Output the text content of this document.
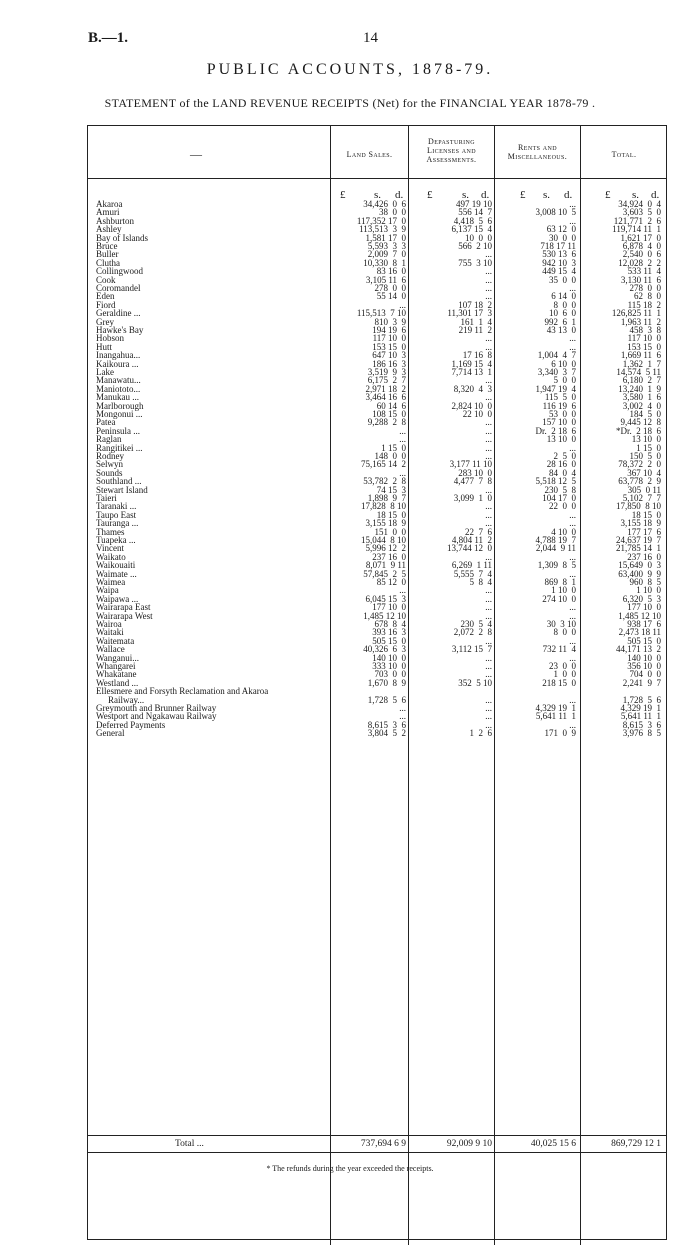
B.—1.	14
PUBLIC ACCOUNTS, 1878-79.
STATEMENT of the LAND REVENUE RECEIPTS (Net) for the FINANCIAL YEAR 1878-79 .
—	Land Sales.
Depasturing
Licenses and
Assessments.
Rents and
Miscellaneous.	Total.
£	s. d. £	s. d.	£ s. d.	£ s. d.
Akaroa	34,426  0  6	497 19 10	...	34,924  0  4
Amuri	38  0  0	556 14  7	3,008 10  5	3,603  5  0
Ashburton	117,352 17  0	4,418  5  6	...	121,771  2  6
Ashley	113,513  3  9	6,137 15  4	63 12  0	119,714 11  1
Bay of Islands	1,581 17  0	10  0  0	30  0  0	1,621 17  0
Bruce	5,593  3  3	566  2 10	718 17 11	6,878  4  0
Buller	2,009  7  0	...	530 13  6	2,540  0  6
Clutha	10,330  8  1	755  3 10	942 10  3	12,028  2  2
Collingwood	83 16  0	...	449 15  4	533 11  4
Cook	3,105 11  6	...	35  0  0	3,130 11  6
Coromandel	278  0  0	...	...	278  0  0
Eden	55 14  0	...	6 14  0	62  8  0
Fiord	...	107 18  2	8  0  0	115 18  2
Geraldine ...	115,513  7 10	11,301 17  3	10  6  0	126,825 11  1
Grey	810  3  9	161  1  4	992  6  1	1,963 11  2
Hawke's Bay	194 19  6	219 11  2	43 13  0	458  3  8
Hobson	117 10  0	...	...	117 10  0
Hutt	153 15  0	...	...	153 15  0
Inangahua...	647 10  3	17 16  8	1,004  4  7	1,669 11  6
Kaikoura ...	186 16  3	1,169 15  4	6 10  0	1,362  1  7
Lake	3,519  9  3	7,714 13  1	3,340  3  7	14,574  5 11
Manawatu...	6,175  2  7	...	5  0  0	6,180  2  7
Maniototo...	2,971 18  2	8,320  4  3	1,947 19  4	13,240  1  9
Manukau ...	3,464 16  6	...	115  5  0	3,580  1  6
Marlborough	60 14  6	2,824 10  0	116 19  6	3,002  4  0
Mongonui ...	108 15  0	22 10  0	53  0  0	184  5  0
Patea	9,288  2  8	...	157 10  0	9,445 12  8
Peninsula ...	...	...	Dr.  2 18  6	*Dr.  2 18  6
Raglan	...	...	13 10  0	13 10  0
Rangitikei ...	1 15  0	...	...	1 15  0
Rodney	148  0  0	...	2  5  0	150  5  0
Selwyn	75,165 14  2	3,177 11 10	28 16  0	78,372  2  0
Sounds	...	283 10  0	84  0  4	367 10  4
Southland ...	53,782  2  8	4,477  7  8	5,518 12  5	63,778  2  9
Stewart Island	74 15  3	...	230  5  8	305  0 11
Taieri	1,898  9  7	3,099  1  0	104 17  0	5,102  7  7
Taranaki ...	17,828  8 10	...	22  0  0	17,850  8 10
Taupo East	18 15  0	...	...	18 15  0
Tauranga ...	3,155 18  9	...	...	3,155 18  9
Thames	151  0  0	22  7  6	4 10  0	177 17  6
Tuapeka ...	15,044  8 10	4,804 11  2	4,788 19  7	24,637 19  7
Vincent	5,996 12  2	13,744 12  0	2,044  9 11	21,785 14  1
Waikato	237 16  0	...	...	237 16  0
Waikouaiti	8,071  9 11	6,269  1 11	1,309  8  5	15,649  0  3
Waimate ...	57,845  2  5	5,555  7  4	...	63,400  9  9
Waimea	85 12  0	5  8  4	869  8  1	960  8  5
Waipa	...	...	1 10  0	1 10  0
Waipawa ...	6,045 15  3	...	274 10  0	6,320  5  3
Wairarapa East	177 10  0	...	...	177 10  0
Wairarapa West	1,485 12 10	...	...	1,485 12 10
Wairoa	678  8  4	230  5  4	30  3 10	938 17  6
Waitaki	393 16  3	2,072  2  8	8  0  0	2,473 18 11
Waitemata	505 15  0	...	...	505 15  0
Wallace	40,326  6  3	3,112 15  7	732 11  4	44,171 13  2
Wanganui...	140 10  0	...	...	140 10  0
Whangarei	333 10  0	...	23  0  0	356 10  0
Whakatane	703  0  0	...	1  0  0	704  0  0
Westland ...	1,670  8  9	352  5 10	218 15  0	2,241  9  7
Ellesmere and Forsyth Reclamation and Akaroa
Railway...	1,728  5  6	...	...	1,728  5  6
Greymouth and Brunner Railway	...	...	4,329 19  1	4,329 19  1
Westport and Ngakawau Railway	...	...	5,641 11  1	5,641 11  1
Deferred Payments	8,615  3  6	...	...	8,615  3  6
General	3,804  5  2	1  2  6	171  0  9	3,976  8  5
Total ...	737,694 6 9	92,009 9 10	40,025 15 6	869,729 12 1
* The refunds during the year exceeded the receipts.
